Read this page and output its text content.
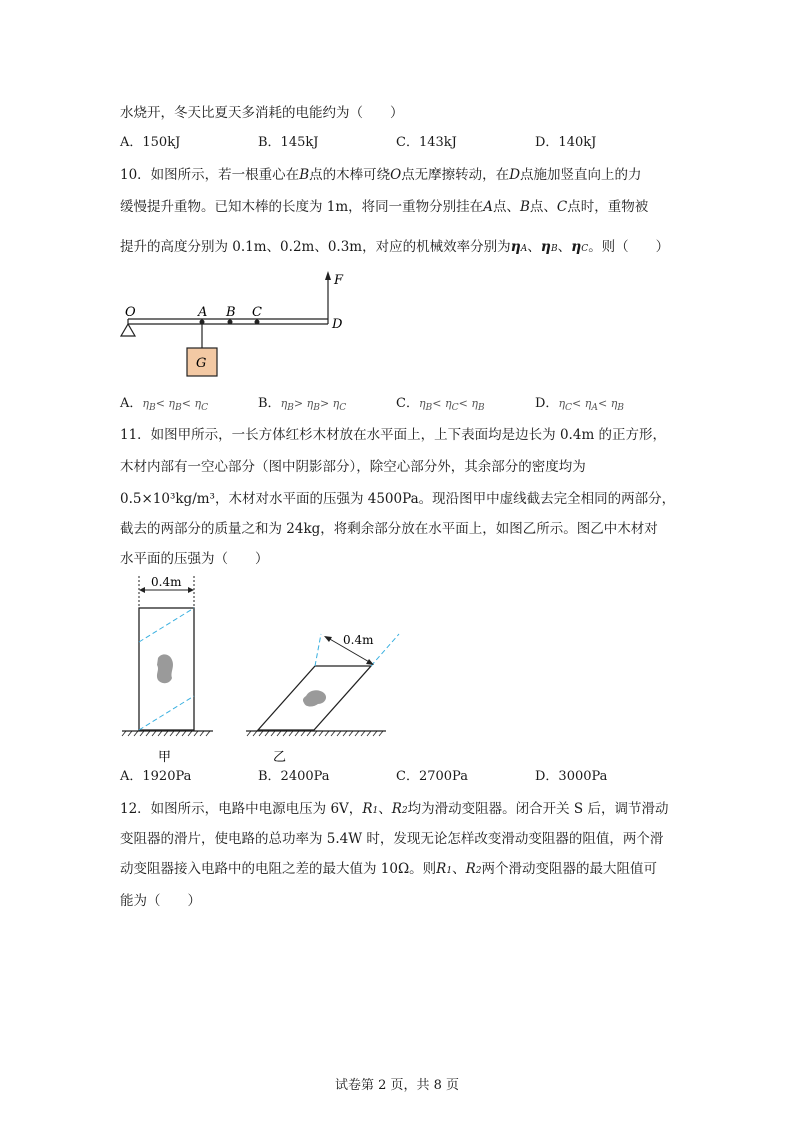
水烧开，冬天比夏天多消耗的电能约为（　　）
A．150kJ	B．145kJ	C．143kJ	D．140kJ
10．如图所示，若一根重心在B点的木棒可绕O点无摩擦转动，在D点施加竖直向上的力
缓慢提升重物。已知木棒的长度为 1m，将同一重物分别挂在A点、B点、C点时，重物被
提升的高度分别为 0.1m、0.2m、0.3m，对应的机械效率分别为ηA、ηB、ηC。则（　　）
O	A B C
D
F
G
A．$\eta_B< \eta_B< \eta_C$	B．$\eta_B> \eta_B> \eta_C$	C．$\eta_B< \eta_C< \eta_B$	D．$\eta_C< \eta_A< \eta_B$
11．如图甲所示，一长方体红杉木材放在水平面上，上下表面均是边长为 0.4m 的正方形，
木材内部有一空心部分（图中阴影部分），除空心部分外，其余部分的密度均为
0.5×10³kg/m³，木材对水平面的压强为 4500Pa。现沿图甲中虚线截去完全相同的两部分，
截去的两部分的质量之和为 24kg，将剩余部分放在水平面上，如图乙所示。图乙中木材对
水平面的压强为（　　）
0.4m
甲
0.4m
乙
A．1920Pa	B．2400Pa	C．2700Pa	D．3000Pa
12．如图所示，电路中电源电压为 6V，R1、R2均为滑动变阻器。闭合开关 S 后，调节滑动
变阻器的滑片，使电路的总功率为 5.4W 时，发现无论怎样改变滑动变阻器的阻值，两个滑
动变阻器接入电路中的电阻之差的最大值为 10Ω。则R1、R2两个滑动变阻器的最大阻值可
能为（　　）
试卷第 2 页，共 8 页
